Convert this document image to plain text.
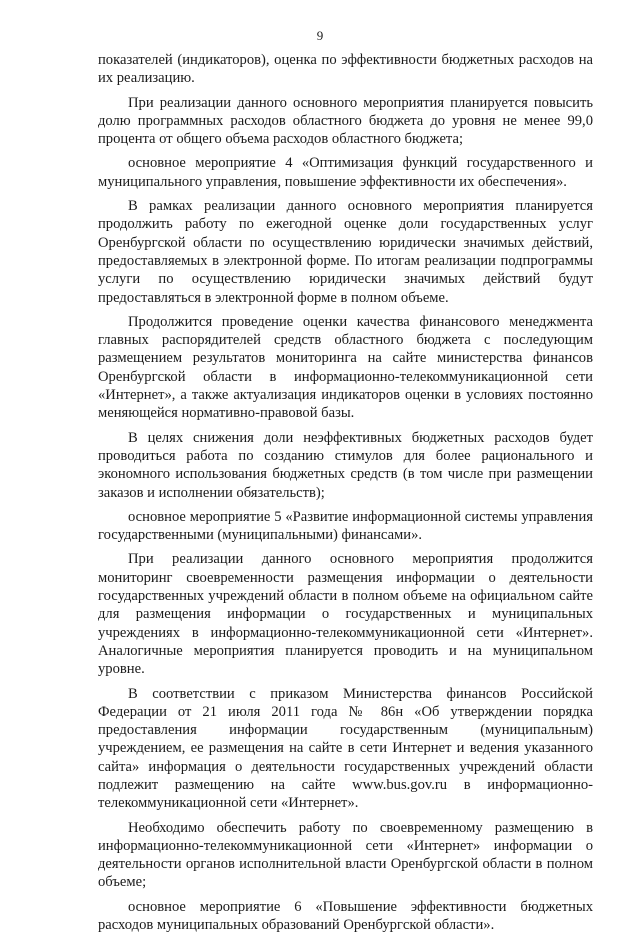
9

показателей (индикаторов), оценка по эффективности бюджетных расходов на их реализацию.

При реализации данного основного мероприятия планируется повысить долю программных расходов областного бюджета до уровня не менее 99,0 процента от общего объема расходов областного бюджета;

основное мероприятие 4 «Оптимизация функций государственного и муниципального управления, повышение эффективности их обеспечения».

В рамках реализации данного основного мероприятия планируется продолжить работу по ежегодной оценке доли государственных услуг Оренбургской области по осуществлению юридически значимых действий, предоставляемых в электронной форме. По итогам реализации подпрограммы услуги по осуществлению юридически значимых действий будут предоставляться в электронной форме в полном объеме.

Продолжится проведение оценки качества финансового менеджмента главных распорядителей средств областного бюджета с последующим размещением результатов мониторинга на сайте министерства финансов Оренбургской области в информационно-телекоммуникационной сети «Интернет», а также актуализация индикаторов оценки в условиях постоянно меняющейся нормативно-правовой базы.

В целях снижения доли неэффективных бюджетных расходов будет проводиться работа по созданию стимулов для более рационального и экономного использования бюджетных средств (в том числе при размещении заказов и исполнении обязательств);

основное мероприятие 5 «Развитие информационной системы управления государственными (муниципальными) финансами».

При реализации данного основного мероприятия продолжится мониторинг своевременности размещения информации о деятельности государственных учреждений области в полном объеме на официальном сайте для размещения информации о государственных и муниципальных учреждениях в информационно-телекоммуникационной сети «Интернет». Аналогичные мероприятия планируется проводить и на муниципальном уровне.

В соответствии с приказом Министерства финансов Российской Федерации от 21 июля 2011 года № 86н «Об утверждении порядка предоставления информации государственным (муниципальным) учреждением, ее размещения на сайте в сети Интернет и ведения указанного сайта» информация о деятельности государственных учреждений области подлежит размещению на сайте www.bus.gov.ru в информационно-телекоммуникационной сети «Интернет».

Необходимо обеспечить работу по своевременному размещению в информационно-телекоммуникационной сети «Интернет» информации о деятельности органов исполнительной власти Оренбургской области в полном объеме;

основное мероприятие 6 «Повышение эффективности бюджетных расходов муниципальных образований Оренбургской области».
